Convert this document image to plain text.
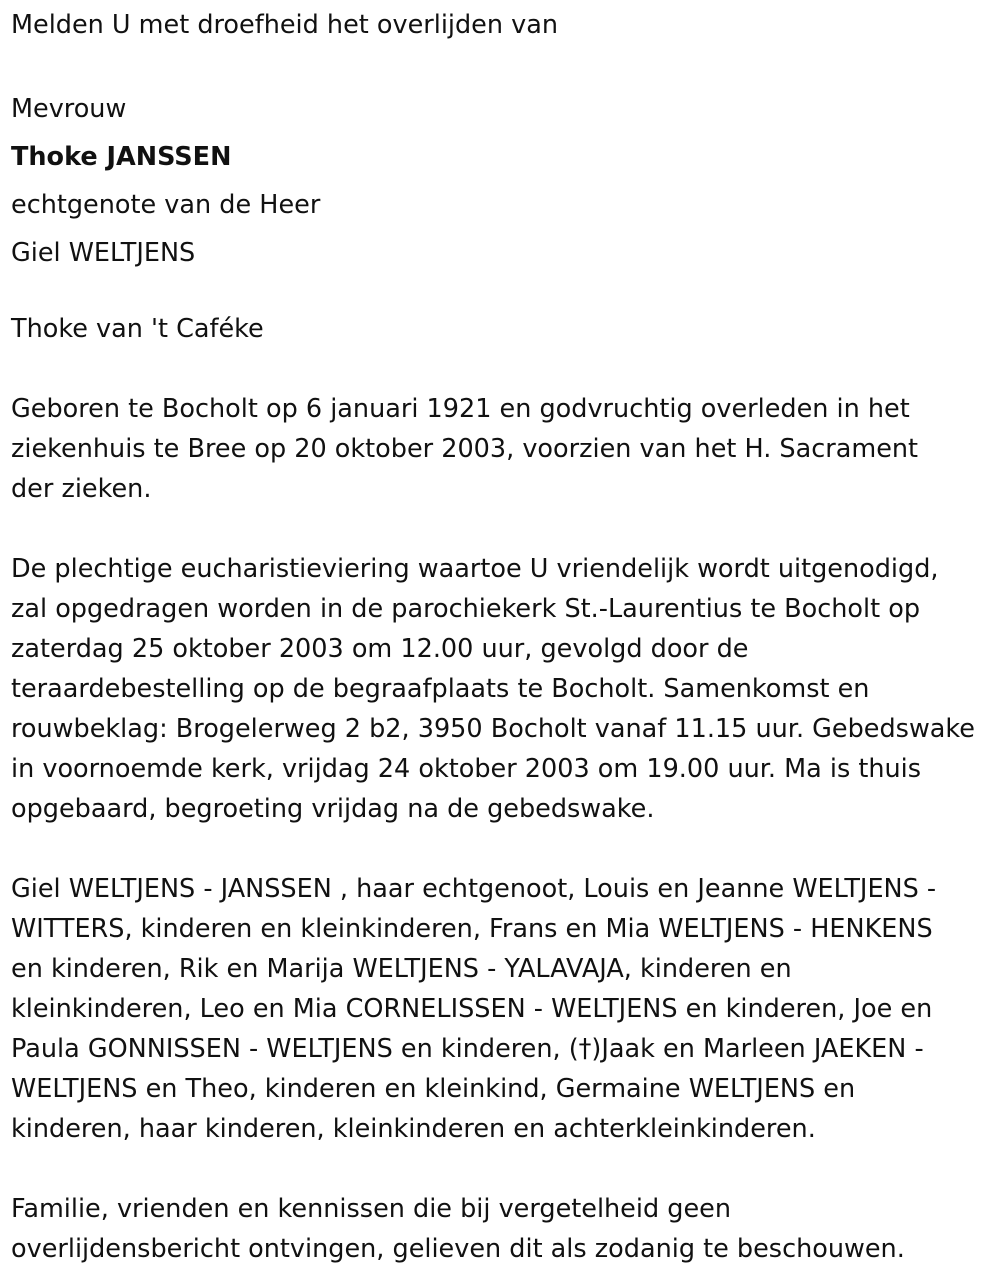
Melden U met droefheid het overlijden van

Mevrouw

Thoke JANSSEN

echtgenote van de Heer

Giel WELTJENS

Thoke van 't Caféke

Geboren te Bocholt op 6 januari 1921 en godvruchtig overleden in het

ziekenhuis te Bree op 20 oktober 2003, voorzien van het H. Sacrament

der zieken.

De plechtige eucharistieviering waartoe U vriendelijk wordt uitgenodigd,

zal opgedragen worden in de parochiekerk St.-Laurentius te Bocholt op

zaterdag 25 oktober 2003 om 12.00 uur, gevolgd door de

teraardebestelling op de begraafplaats te Bocholt. Samenkomst en

rouwbeklag: Brogelerweg 2 b2, 3950 Bocholt vanaf 11.15 uur. Gebedswake

in voornoemde kerk, vrijdag 24 oktober 2003 om 19.00 uur. Ma is thuis

opgebaard, begroeting vrijdag na de gebedswake.

Giel WELTJENS - JANSSEN , haar echtgenoot, Louis en Jeanne WELTJENS -

WITTERS, kinderen en kleinkinderen, Frans en Mia WELTJENS - HENKENS

en kinderen, Rik en Marija WELTJENS - YALAVAJA, kinderen en

kleinkinderen, Leo en Mia CORNELISSEN - WELTJENS en kinderen, Joe en

Paula GONNISSEN - WELTJENS en kinderen, (†)Jaak en Marleen JAEKEN -

WELTJENS en Theo, kinderen en kleinkind, Germaine WELTJENS en

kinderen, haar kinderen, kleinkinderen en achterkleinkinderen.

Familie, vrienden en kennissen die bij vergetelheid geen

overlijdensbericht ontvingen, gelieven dit als zodanig te beschouwen.
